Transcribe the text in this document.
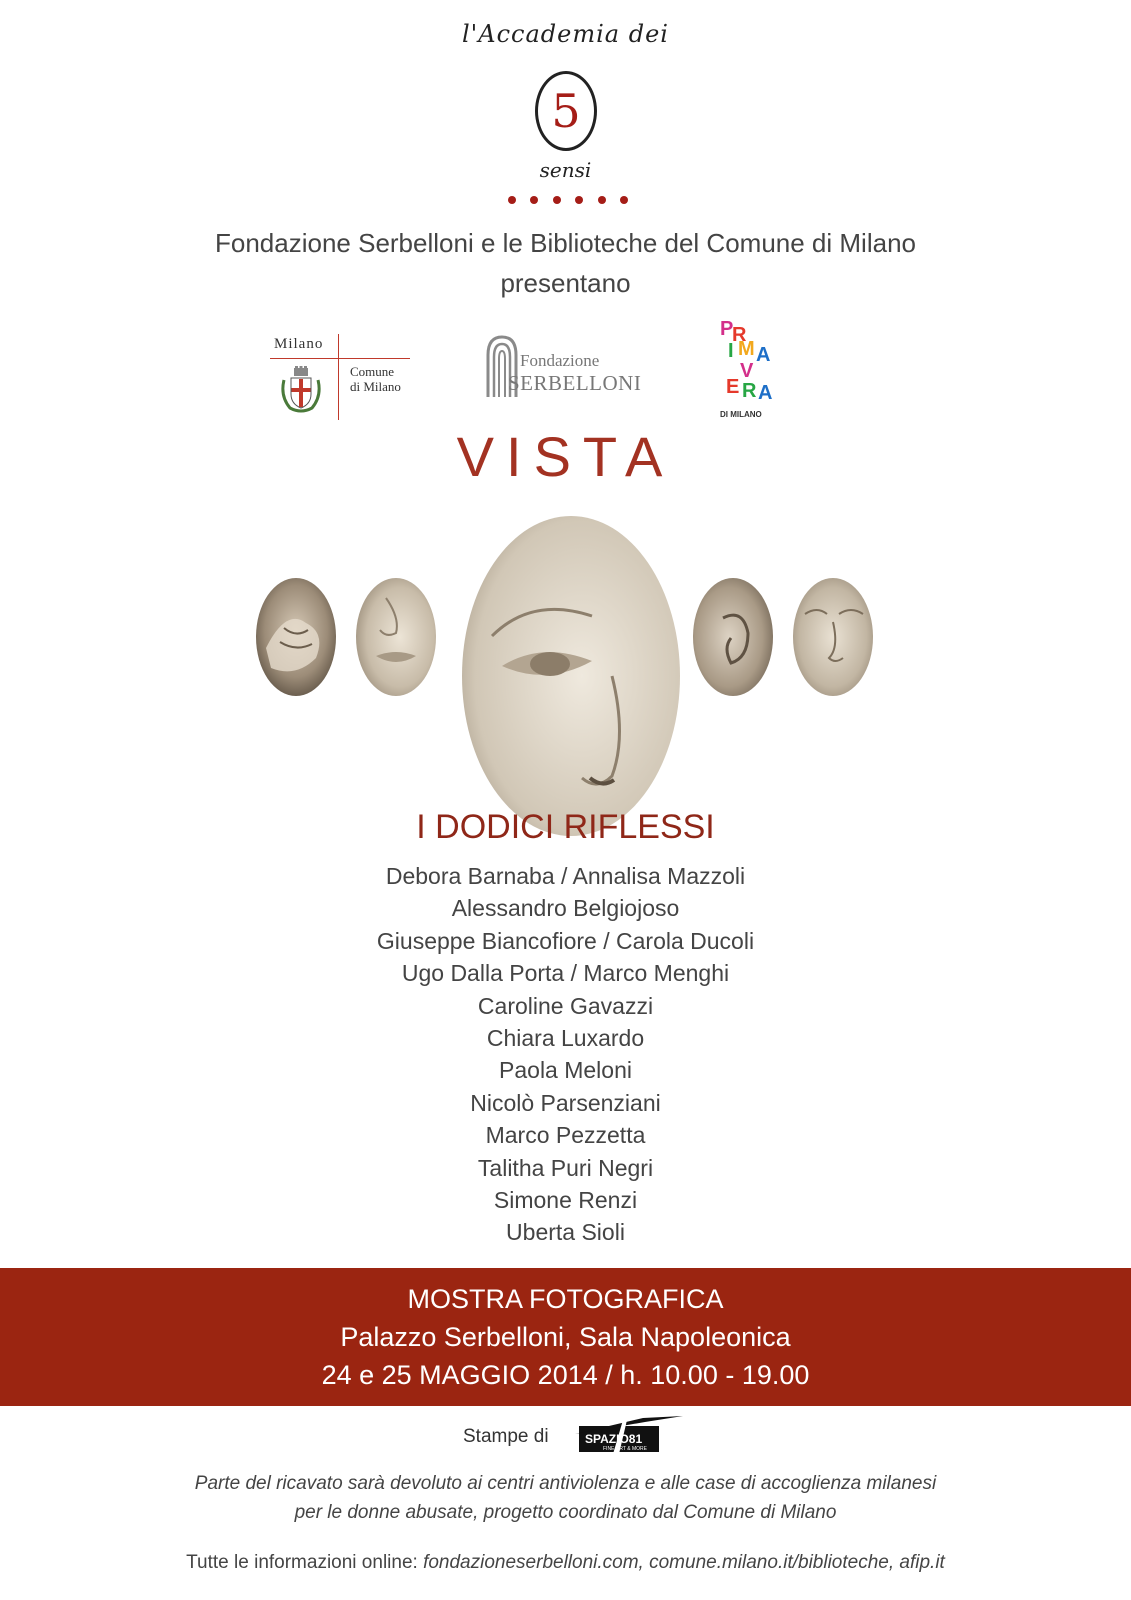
l'Accademia dei
5
sensi
Fondazione Serbelloni e le Biblioteche del Comune di Milano
presentano
Milano
Comune
di Milano
Fondazione
SERBELLONI
P
R
I M A
V
E R A
DI MILANO
VISTA
I DODICI RIFLESSI
Debora Barnaba / Annalisa Mazzoli
Alessandro Belgiojoso
Giuseppe Biancofiore / Carola Ducoli
Ugo Dalla Porta / Marco Menghi
Caroline Gavazzi
Chiara Luxardo
Paola Meloni
Nicolò Parsenziani
Marco Pezzetta
Talitha Puri Negri
Simone Renzi
Uberta Sioli
MOSTRA FOTOGRAFICA
Palazzo Serbelloni, Sala Napoleonica
24 e 25 MAGGIO 2014 / h. 10.00 - 19.00
Stampe di	SPAZIO81
FINE-ART & MORE
Parte del ricavato sarà devoluto ai centri antiviolenza e alle case di accoglienza milanesi
per le donne abusate, progetto coordinato dal Comune di Milano
Tutte le informazioni online: fondazioneserbelloni.com, comune.milano.it/biblioteche, afip.it
